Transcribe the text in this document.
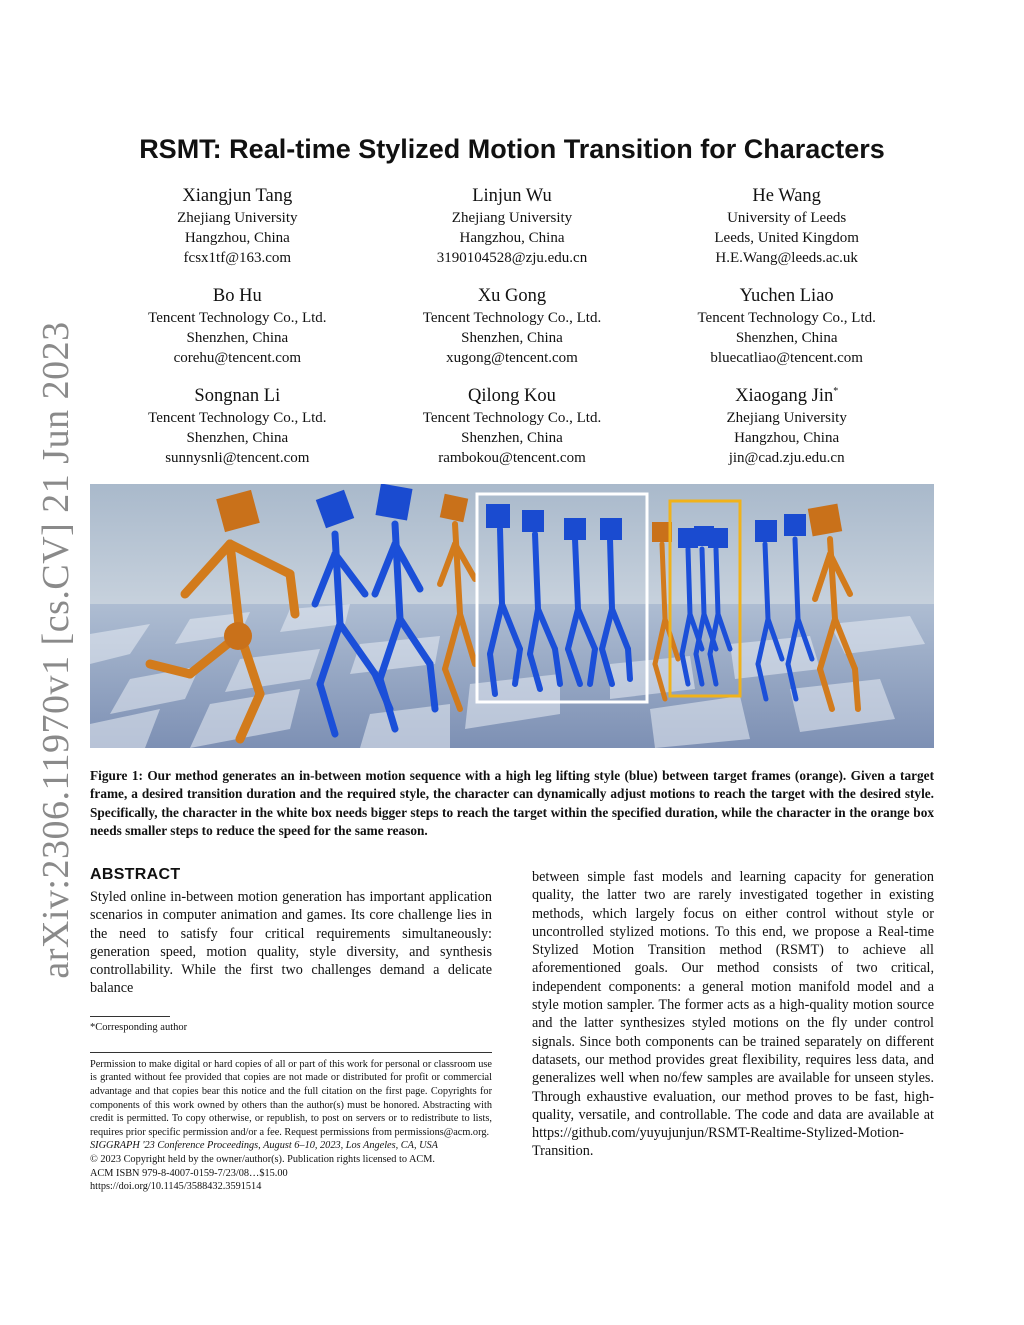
arXiv:2306.11970v1 [cs.CV] 21 Jun 2023
RSMT: Real-time Stylized Motion Transition for Characters
Xiangjun Tang
Zhejiang University
Hangzhou, China
fcsx1tf@163.com
Linjun Wu
Zhejiang University
Hangzhou, China
3190104528@zju.edu.cn
He Wang
University of Leeds
Leeds, United Kingdom
H.E.Wang@leeds.ac.uk
Bo Hu
Tencent Technology Co., Ltd.
Shenzhen, China
corehu@tencent.com
Xu Gong
Tencent Technology Co., Ltd.
Shenzhen, China
xugong@tencent.com
Yuchen Liao
Tencent Technology Co., Ltd.
Shenzhen, China
bluecatliao@tencent.com
Songnan Li
Tencent Technology Co., Ltd.
Shenzhen, China
sunnysnli@tencent.com
Qilong Kou
Tencent Technology Co., Ltd.
Shenzhen, China
rambokou@tencent.com
Xiaogang Jin*
Zhejiang University
Hangzhou, China
jin@cad.zju.edu.cn
Figure 1: Our method generates an in-between motion sequence with a high leg lifting style (blue) between target frames (orange). Given a target frame, a desired transition duration and the required style, the character can dynamically adjust motions to reach the target with the desired style. Specifically, the character in the white box needs bigger steps to reach the target within the specified duration, while the character in the orange box needs smaller steps to reduce the speed for the same reason.
ABSTRACT

Styled online in-between motion generation has important application scenarios in computer animation and games. Its core challenge lies in the need to satisfy four critical requirements simultaneously: generation speed, motion quality, style diversity, and synthesis controllability. While the first two challenges demand a delicate balance

*Corresponding author
Permission to make digital or hard copies of all or part of this work for personal or classroom use is granted without fee provided that copies are not made or distributed for profit or commercial advantage and that copies bear this notice and the full citation on the first page. Copyrights for components of this work owned by others than the author(s) must be honored. Abstracting with credit is permitted. To copy otherwise, or republish, to post on servers or to redistribute to lists, requires prior specific permission and/or a fee. Request permissions from permissions@acm.org.
SIGGRAPH '23 Conference Proceedings, August 6–10, 2023, Los Angeles, CA, USA
© 2023 Copyright held by the owner/author(s). Publication rights licensed to ACM.
ACM ISBN 979-8-4007-0159-7/23/08…$15.00
https://doi.org/10.1145/3588432.3591514

between simple fast models and learning capacity for generation quality, the latter two are rarely investigated together in existing methods, which largely focus on either control without style or uncontrolled stylized motions. To this end, we propose a Real-time Stylized Motion Transition method (RSMT) to achieve all aforementioned goals. Our method consists of two critical, independent components: a general motion manifold model and a style motion sampler. The former acts as a high-quality motion source and the latter synthesizes styled motions on the fly under control signals. Since both components can be trained separately on different datasets, our method provides great flexibility, requires less data, and generalizes well when no/few samples are available for unseen styles. Through exhaustive evaluation, our method proves to be fast, high-quality, versatile, and controllable. The code and data are available at https://github.com/yuyujunjun/RSMT-Realtime-Stylized-Motion-Transition.
